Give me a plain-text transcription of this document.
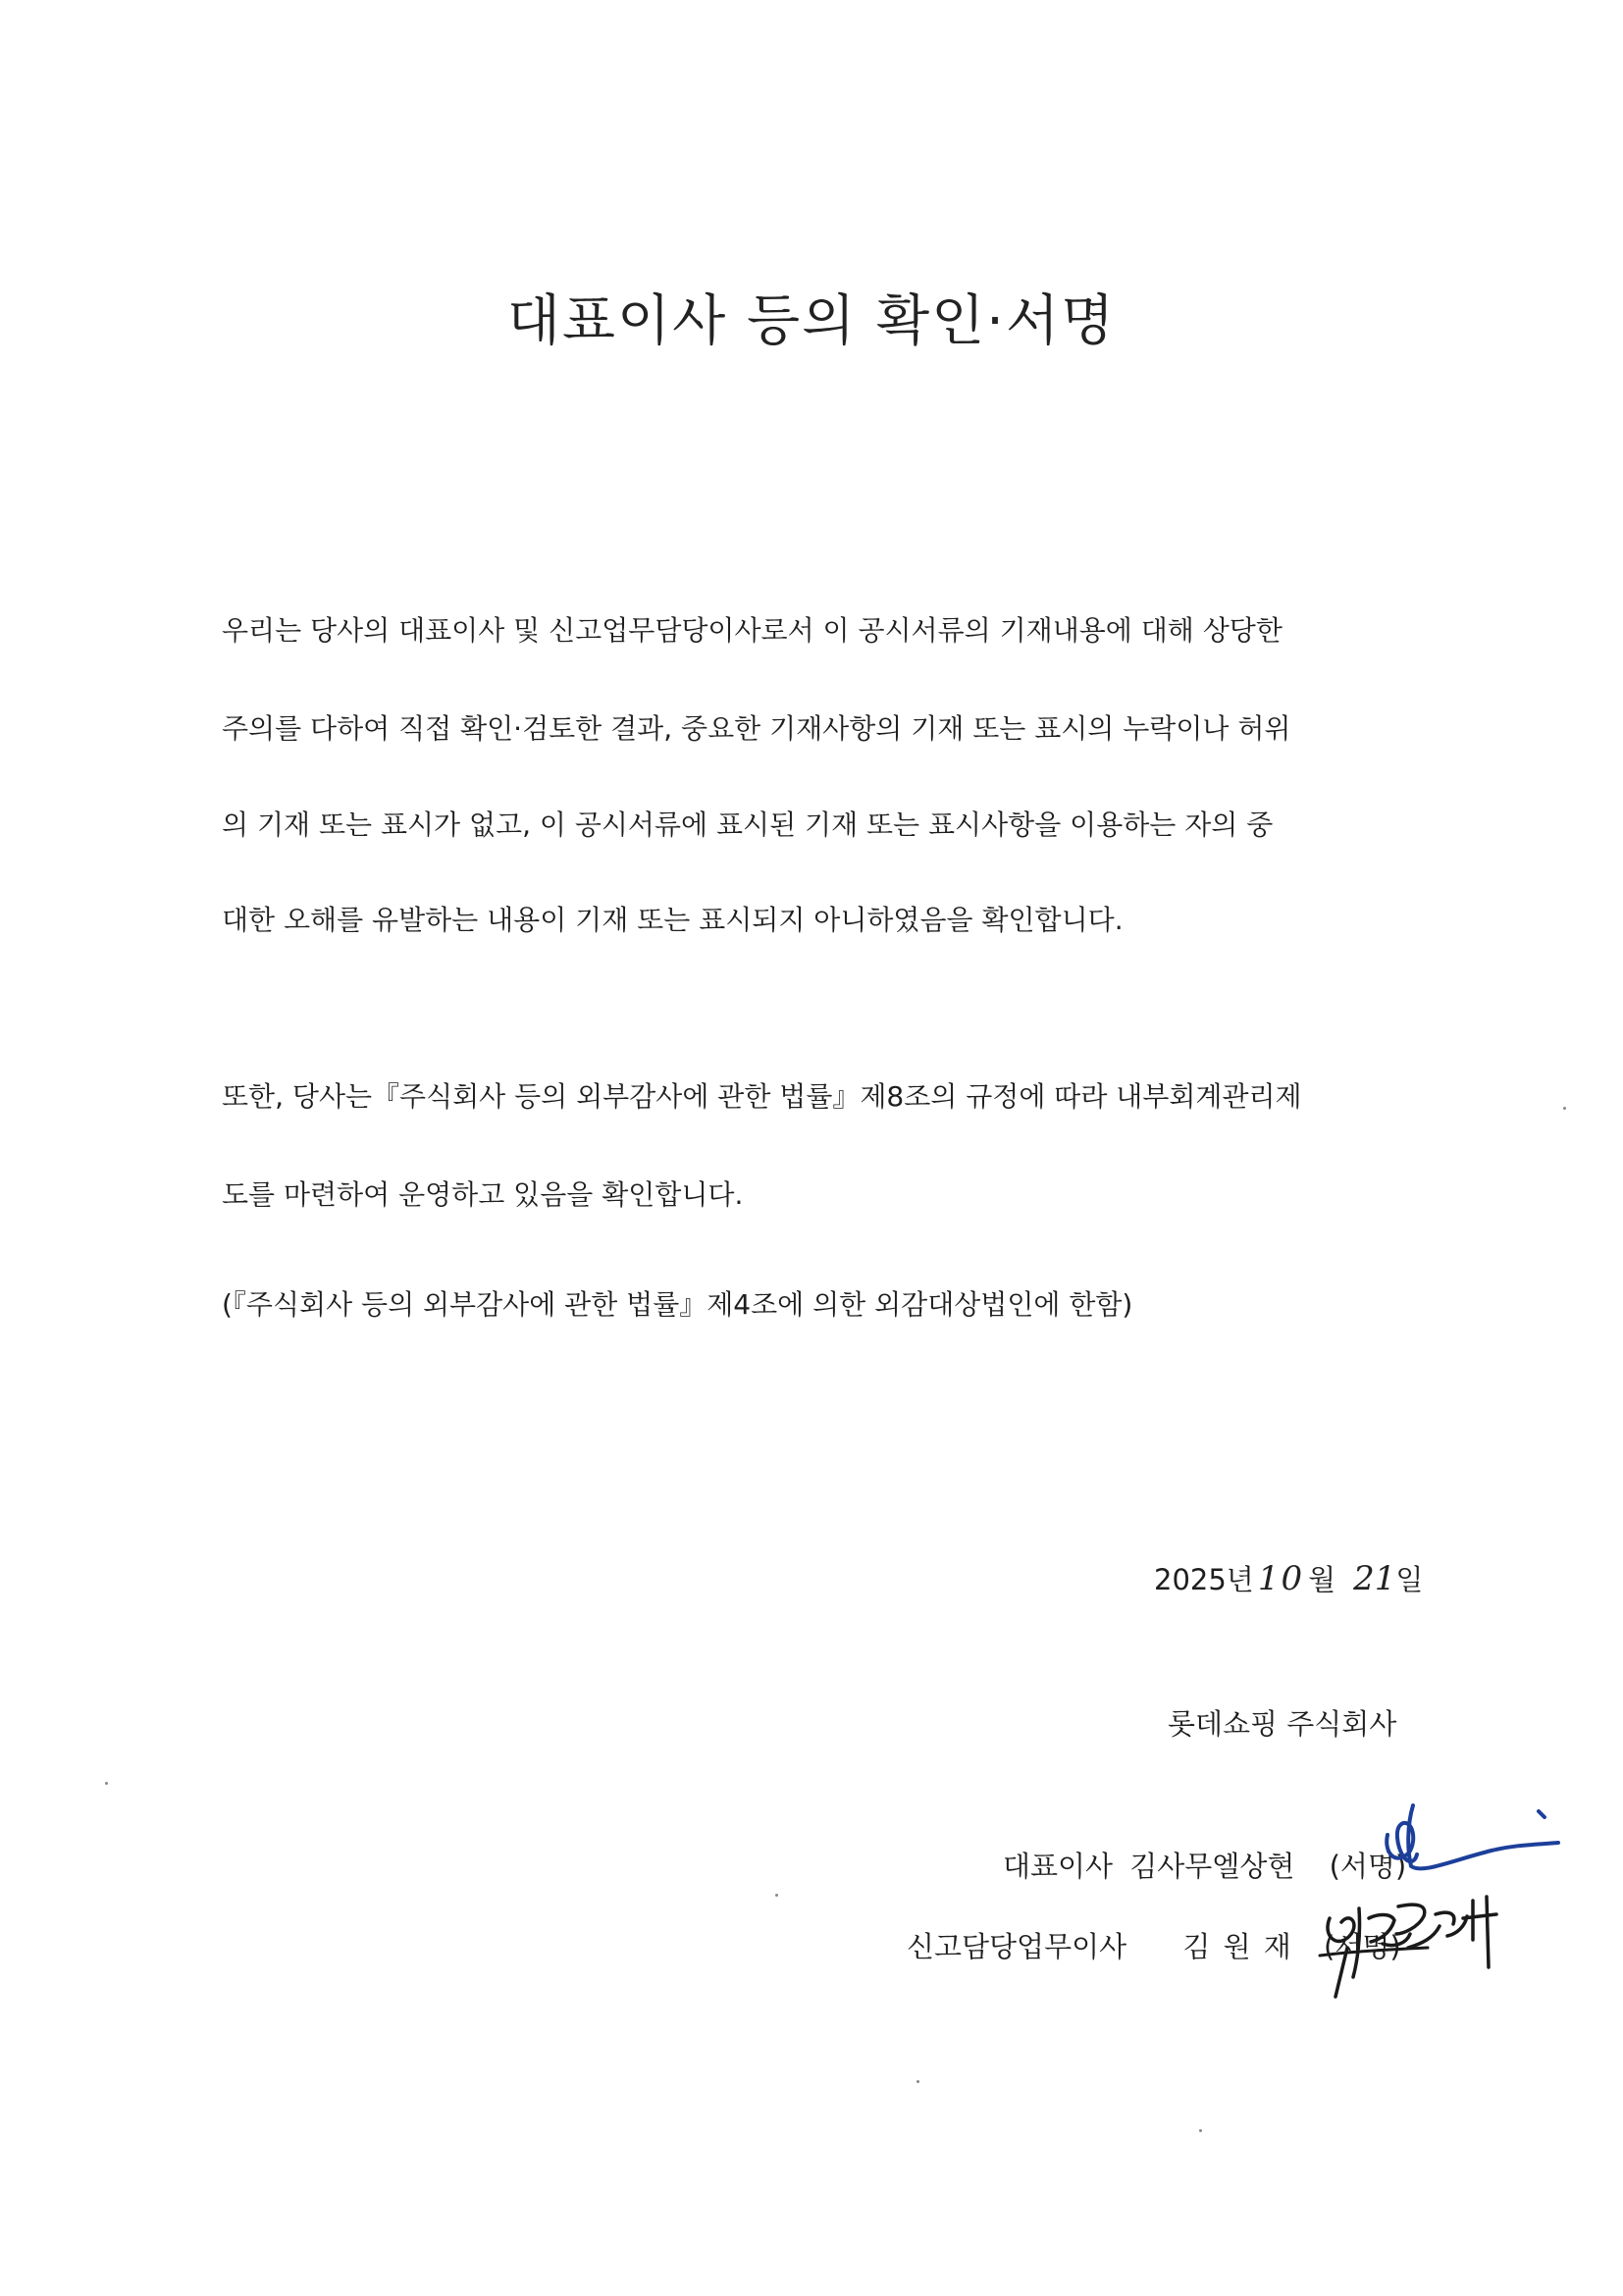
대표이사 등의 확인·서명
우리는 당사의 대표이사 및 신고업무담당이사로서 이 공시서류의 기재내용에 대해 상당한
주의를 다하여 직접 확인·검토한 결과, 중요한 기재사항의 기재 또는 표시의 누락이나 허위
의 기재 또는 표시가 없고, 이 공시서류에 표시된 기재 또는 표시사항을 이용하는 자의 중
대한 오해를 유발하는 내용이 기재 또는 표시되지 아니하였음을 확인합니다.
또한, 당사는『주식회사 등의 외부감사에 관한 법률』제8조의 규정에 따라 내부회계관리제
도를 마련하여 운영하고 있음을 확인합니다.
(『주식회사 등의 외부감사에 관한 법률』제4조에 의한 외감대상법인에 한함)
2025년 10 월 21일
롯데쇼핑 주식회사
대표이사 김사무엘상현 (서명)
신고담당업무이사 김 원 재 (서명)
